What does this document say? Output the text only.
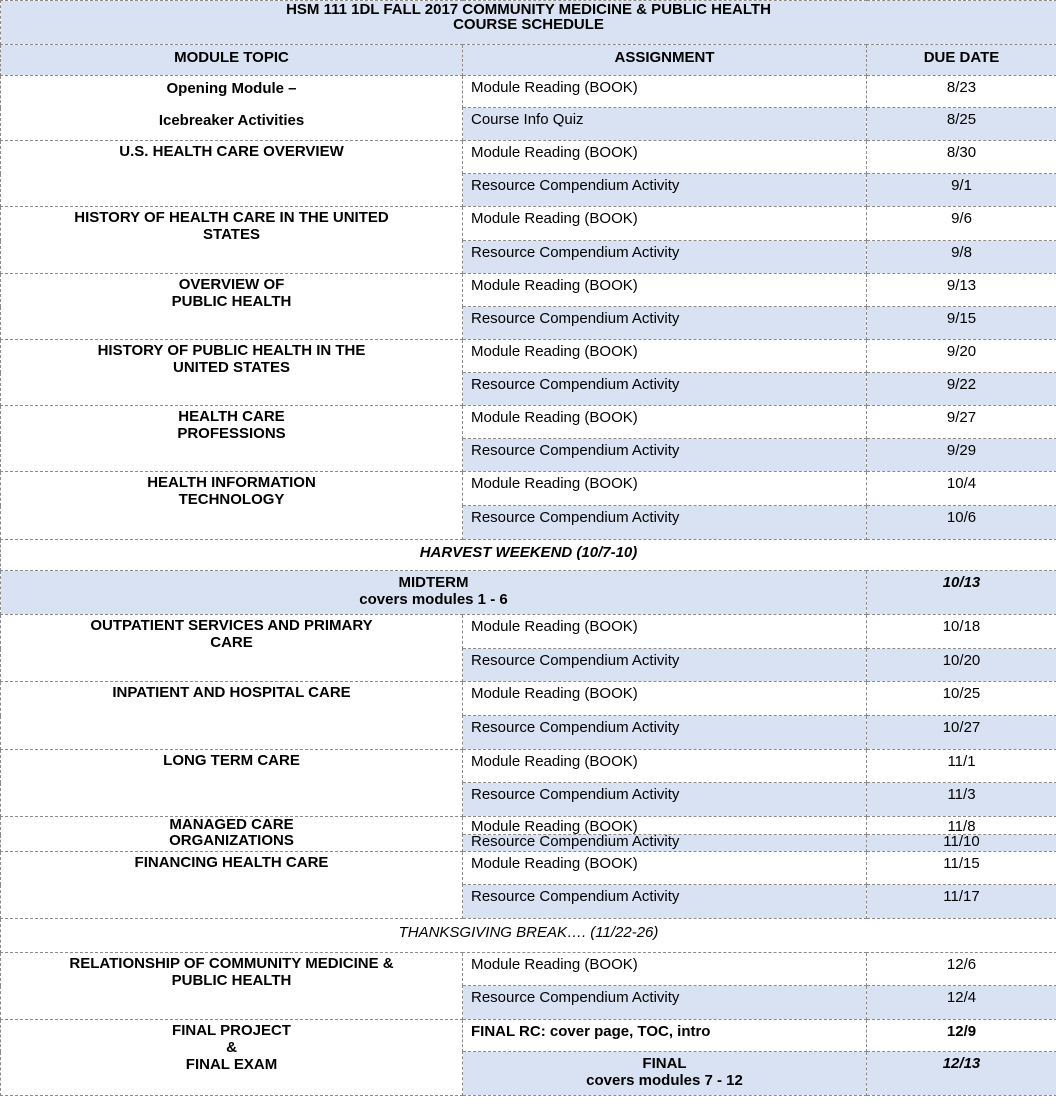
HSM 111 1DL FALL 2017 COMMUNITY MEDICINE & PUBLIC HEALTH
COURSE SCHEDULE		

MODULE TOPIC	ASSIGNMENT	DUE DATE

Opening Module –
Icebreaker Activities	Module Reading (BOOK)	8/23
	Course Info Quiz	8/25

U.S. HEALTH CARE OVERVIEW	Module Reading (BOOK)	8/30
	Resource Compendium Activity	9/1

HISTORY OF HEALTH CARE IN THE UNITED
STATES	Module Reading (BOOK)	9/6
	Resource Compendium Activity	9/8

OVERVIEW OF
PUBLIC HEALTH	Module Reading (BOOK)	9/13
	Resource Compendium Activity	9/15

HISTORY OF PUBLIC HEALTH IN THE
UNITED STATES	Module Reading (BOOK)	9/20
	Resource Compendium Activity	9/22

HEALTH CARE
PROFESSIONS	Module Reading (BOOK)	9/27
	Resource Compendium Activity	9/29

HEALTH INFORMATION
TECHNOLOGY	Module Reading (BOOK)	10/4
	Resource Compendium Activity	10/6
HARVEST WEEKEND (10/7-10)		

MIDTERM
covers modules 1 - 6		10/13

OUTPATIENT SERVICES AND PRIMARY
CARE	Module Reading (BOOK)	10/18
	Resource Compendium Activity	10/20

INPATIENT AND HOSPITAL CARE	Module Reading (BOOK)	10/25
	Resource Compendium Activity	10/27

LONG TERM CARE	Module Reading (BOOK)	11/1
	Resource Compendium Activity	11/3

MANAGED CARE
ORGANIZATIONS	Module Reading (BOOK)	11/8
	Resource Compendium Activity	11/10

FINANCING HEALTH CARE	Module Reading (BOOK)	11/15
	Resource Compendium Activity	11/17
THANKSGIVING BREAK…. (11/22-26)		

RELATIONSHIP OF COMMUNITY MEDICINE &
PUBLIC HEALTH	Module Reading (BOOK)	12/6
	Resource Compendium Activity	12/4

FINAL PROJECT
&
FINAL EXAM	FINAL RC: cover page, TOC, intro	12/9

	FINAL
covers modules 7 - 12	12/13
